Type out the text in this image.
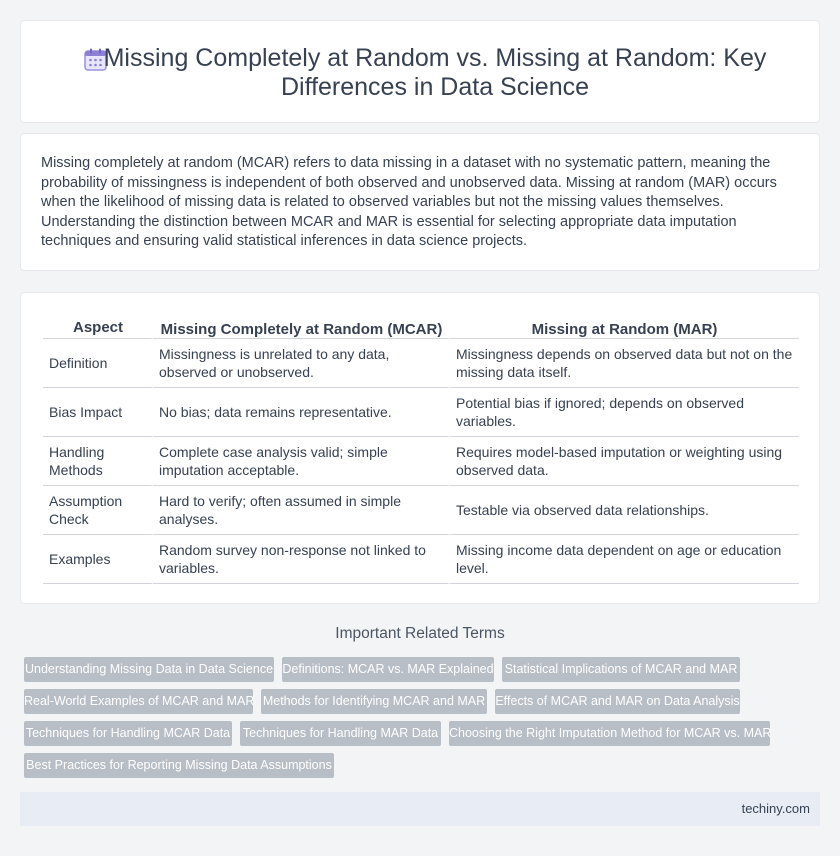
Missing Completely at Random vs. Missing at Random: Key Differences in Data Science

Missing completely at random (MCAR) refers to data missing in a dataset with no systematic pattern, meaning the probability of missingness is independent of both observed and unobserved data. Missing at random (MAR) occurs when the likelihood of missing data is related to observed variables but not the missing values themselves. Understanding the distinction between MCAR and MAR is essential for selecting appropriate data imputation techniques and ensuring valid statistical inferences in data science projects.

Aspect	Missing Completely at Random (MCAR)	Missing at Random (MAR)
Definition	Missingness is unrelated to any data, observed or unobserved.	Missingness depends on observed data but not on the missing data itself.
Bias Impact	No bias; data remains representative.	Potential bias if ignored; depends on observed variables.
Handling Methods	Complete case analysis valid; simple imputation acceptable.	Requires model-based imputation or weighting using observed data.
Assumption Check	Hard to verify; often assumed in simple analyses.	Testable via observed data relationships.
Examples	Random survey non-response not linked to variables.	Missing income data dependent on age or education level.
Important Related Terms
Understanding Missing Data in Data Science Definitions: MCAR vs. MAR Explained Statistical Implications of MCAR and MAR
Real-World Examples of MCAR and MAR Methods for Identifying MCAR and MAR Effects of MCAR and MAR on Data Analysis
Techniques for Handling MCAR Data Techniques for Handling MAR Data Choosing the Right Imputation Method for MCAR vs. MAR
Best Practices for Reporting Missing Data Assumptions
techiny.com
